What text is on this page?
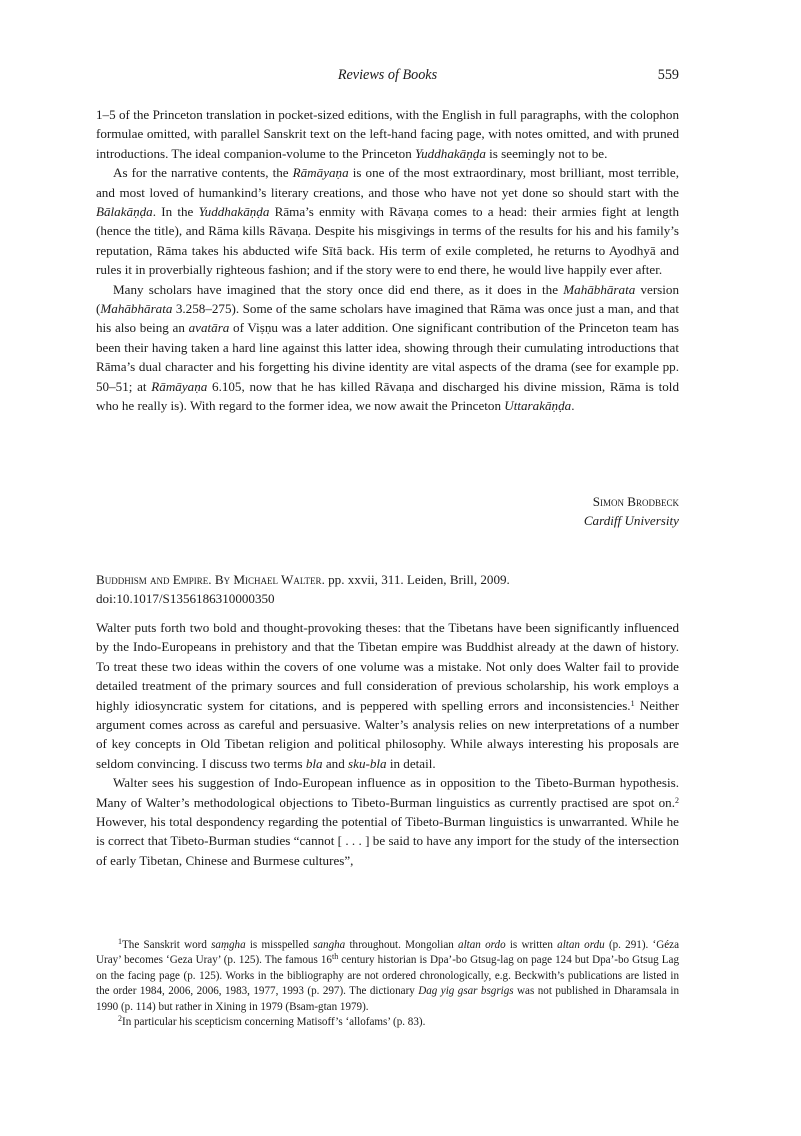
Reviews of Books	559

1–5 of the Princeton translation in pocket-sized editions, with the English in full paragraphs, with the colophon formulae omitted, with parallel Sanskrit text on the left-hand facing page, with notes omitted, and with pruned introductions. The ideal companion-volume to the Princeton Yuddhakāṇḍa is seemingly not to be.

As for the narrative contents, the Rāmāyaṇa is one of the most extraordinary, most brilliant, most terrible, and most loved of humankind’s literary creations, and those who have not yet done so should start with the Bālakāṇḍa. In the Yuddhakāṇḍa Rāma’s enmity with Rāvaṇa comes to a head: their armies fight at length (hence the title), and Rāma kills Rāvaṇa. Despite his misgivings in terms of the results for his and his family’s reputation, Rāma takes his abducted wife Sītā back. His term of exile completed, he returns to Ayodhyā and rules it in proverbially righteous fashion; and if the story were to end there, he would live happily ever after.

Many scholars have imagined that the story once did end there, as it does in the Mahābhārata version (Mahābhārata 3.258–275). Some of the same scholars have imagined that Rāma was once just a man, and that his also being an avatāra of Viṣṇu was a later addition. One significant contribution of the Princeton team has been their having taken a hard line against this latter idea, showing through their cumulating introductions that Rāma’s dual character and his forgetting his divine identity are vital aspects of the drama (see for example pp. 50–51; at Rāmāyaṇa 6.105, now that he has killed Rāvaṇa and discharged his divine mission, Rāma is told who he really is). With regard to the former idea, we now await the Princeton Uttarakāṇḍa.

Simon Brodbeck
Cardiff University
Buddhism and Empire. By Michael Walter. pp. xxvii, 311. Leiden, Brill, 2009.
doi:10.1017/S1356186310000350

Walter puts forth two bold and thought-provoking theses: that the Tibetans have been significantly influenced by the Indo-Europeans in prehistory and that the Tibetan empire was Buddhist already at the dawn of history. To treat these two ideas within the covers of one volume was a mistake. Not only does Walter fail to provide detailed treatment of the primary sources and full consideration of previous scholarship, his work employs a highly idiosyncratic system for citations, and is peppered with spelling errors and inconsistencies.$^1$ Neither argument comes across as careful and persuasive. Walter’s analysis relies on new interpretations of a number of key concepts in Old Tibetan religion and political philosophy. While always interesting his proposals are seldom convincing. I discuss two terms bla and sku-bla in detail.

Walter sees his suggestion of Indo-European influence as in opposition to the Tibeto-Burman hypothesis. Many of Walter’s methodological objections to Tibeto-Burman linguistics as currently practised are spot on.$^2$ However, his total despondency regarding the potential of Tibeto-Burman linguistics is unwarranted. While he is correct that Tibeto-Burman studies “cannot [ . . . ] be said to have any import for the study of the intersection of early Tibetan, Chinese and Burmese cultures”,

$^1$The Sanskrit word saṃgha is misspelled sangha throughout. Mongolian altan ordo is written altan ordu (p. 291). ‘Géza Uray’ becomes ‘Geza Uray’ (p. 125). The famous 16th century historian is Dpa’-bo Gtsug-lag on page 124 but Dpa’-bo Gtsug Lag on the facing page (p. 125). Works in the bibliography are not ordered chronologically, e.g. Beckwith’s publications are listed in the order 1984, 2006, 2006, 1983, 1977, 1993 (p. 297). The dictionary Dag yig gsar bsgrigs was not published in Dharamsala in 1990 (p. 114) but rather in Xining in 1979 (Bsam-gtan 1979).

$^2$In particular his scepticism concerning Matisoff’s ‘allofams’ (p. 83).
